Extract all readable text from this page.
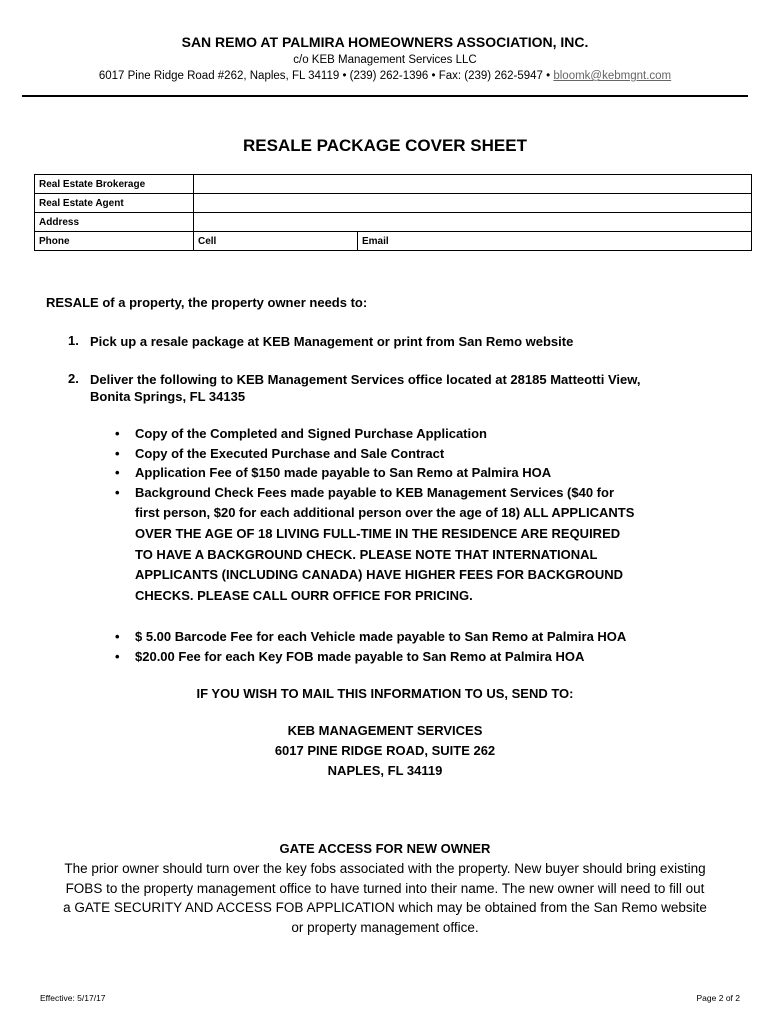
SAN REMO AT PALMIRA HOMEOWNERS ASSOCIATION, INC.
c/o KEB Management Services LLC
6017 Pine Ridge Road #262, Naples, FL 34119 • (239) 262-1396 • Fax: (239) 262-5947 • bloomk@kebmgnt.com
RESALE PACKAGE COVER SHEET
Real Estate Brokerage		
Real Estate Agent		
Address		
Phone	Cell	Email
RESALE of a property, the property owner needs to:
1. Pick up a resale package at KEB Management or print from San Remo website
2. Deliver the following to KEB Management Services office located at 28185 Matteotti View, Bonita Springs, FL 34135
• Copy of the Completed and Signed Purchase Application
• Copy of the Executed Purchase and Sale Contract
• Application Fee of $150 made payable to San Remo at Palmira HOA
• Background Check Fees made payable to KEB Management Services ($40 for first person, $20 for each additional person over the age of 18) ALL APPLICANTS OVER THE AGE OF 18 LIVING FULL-TIME IN THE RESIDENCE ARE REQUIRED TO HAVE A BACKGROUND CHECK. PLEASE NOTE THAT INTERNATIONAL APPLICANTS (INCLUDING CANADA) HAVE HIGHER FEES FOR BACKGROUND CHECKS. PLEASE CALL OURR OFFICE FOR PRICING.
• $ 5.00 Barcode Fee for each Vehicle made payable to San Remo at Palmira HOA
• $20.00 Fee for each Key FOB made payable to San Remo at Palmira HOA
IF YOU WISH TO MAIL THIS INFORMATION TO US, SEND TO:
KEB MANAGEMENT SERVICES
6017 PINE RIDGE ROAD, SUITE 262
NAPLES, FL 34119
GATE ACCESS FOR NEW OWNER
The prior owner should turn over the key fobs associated with the property. New buyer should bring existing FOBS to the property management office to have turned into their name. The new owner will need to fill out a GATE SECURITY AND ACCESS FOB APPLICATION which may be obtained from the San Remo website or property management office.
Effective: 5/17/17	Page 2 of 2
